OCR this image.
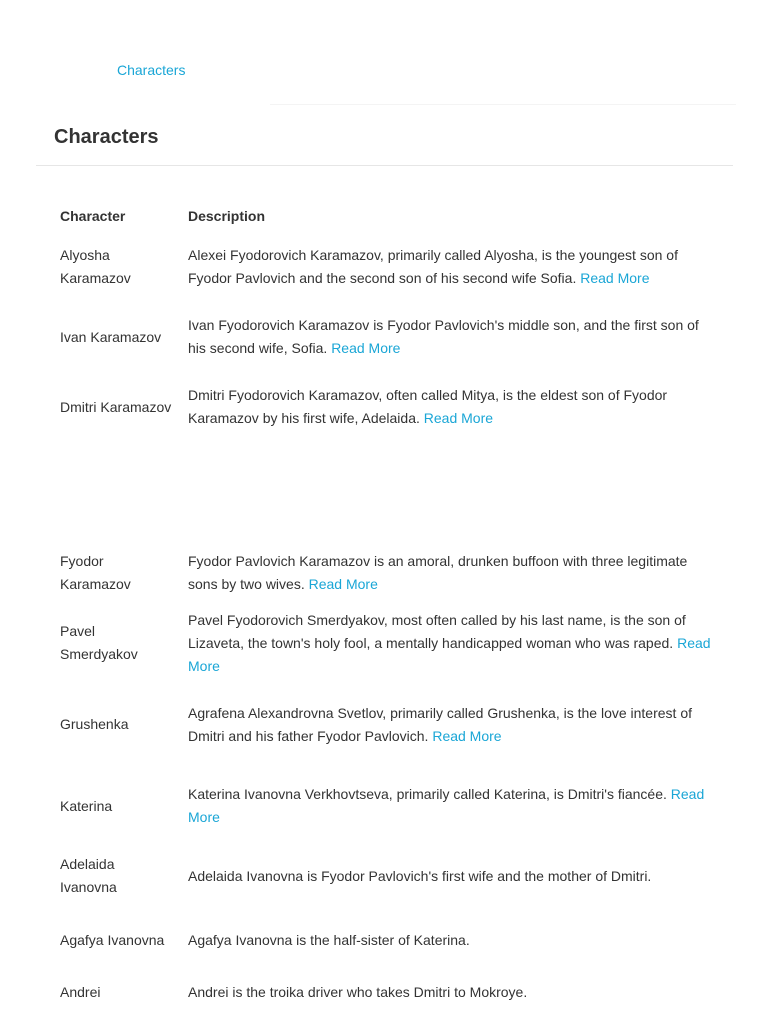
Characters
Characters
Character	Description
Alyosha Karamazov	Alexei Fyodorovich Karamazov, primarily called Alyosha, is the youngest son of Fyodor Pavlovich and the second son of his second wife Sofia. Read More
Ivan Karamazov	Ivan Fyodorovich Karamazov is Fyodor Pavlovich's middle son, and the first son of his second wife, Sofia. Read More
Dmitri Karamazov	Dmitri Fyodorovich Karamazov, often called Mitya, is the eldest son of Fyodor Karamazov by his first wife, Adelaida. Read More
Fyodor Karamazov	Fyodor Pavlovich Karamazov is an amoral, drunken buffoon with three legitimate sons by two wives. Read More
Pavel Smerdyakov	Pavel Fyodorovich Smerdyakov, most often called by his last name, is the son of Lizaveta, the town's holy fool, a mentally handicapped woman who was raped. Read More
Grushenka	Agrafena Alexandrovna Svetlov, primarily called Grushenka, is the love interest of Dmitri and his father Fyodor Pavlovich. Read More
Katerina	Katerina Ivanovna Verkhovtseva, primarily called Katerina, is Dmitri's fiancée. Read More
Adelaida Ivanovna	Adelaida Ivanovna is Fyodor Pavlovich's first wife and the mother of Dmitri.
Agafya Ivanovna	Agafya Ivanovna is the half-sister of Katerina.
Andrei	Andrei is the troika driver who takes Dmitri to Mokroye.
